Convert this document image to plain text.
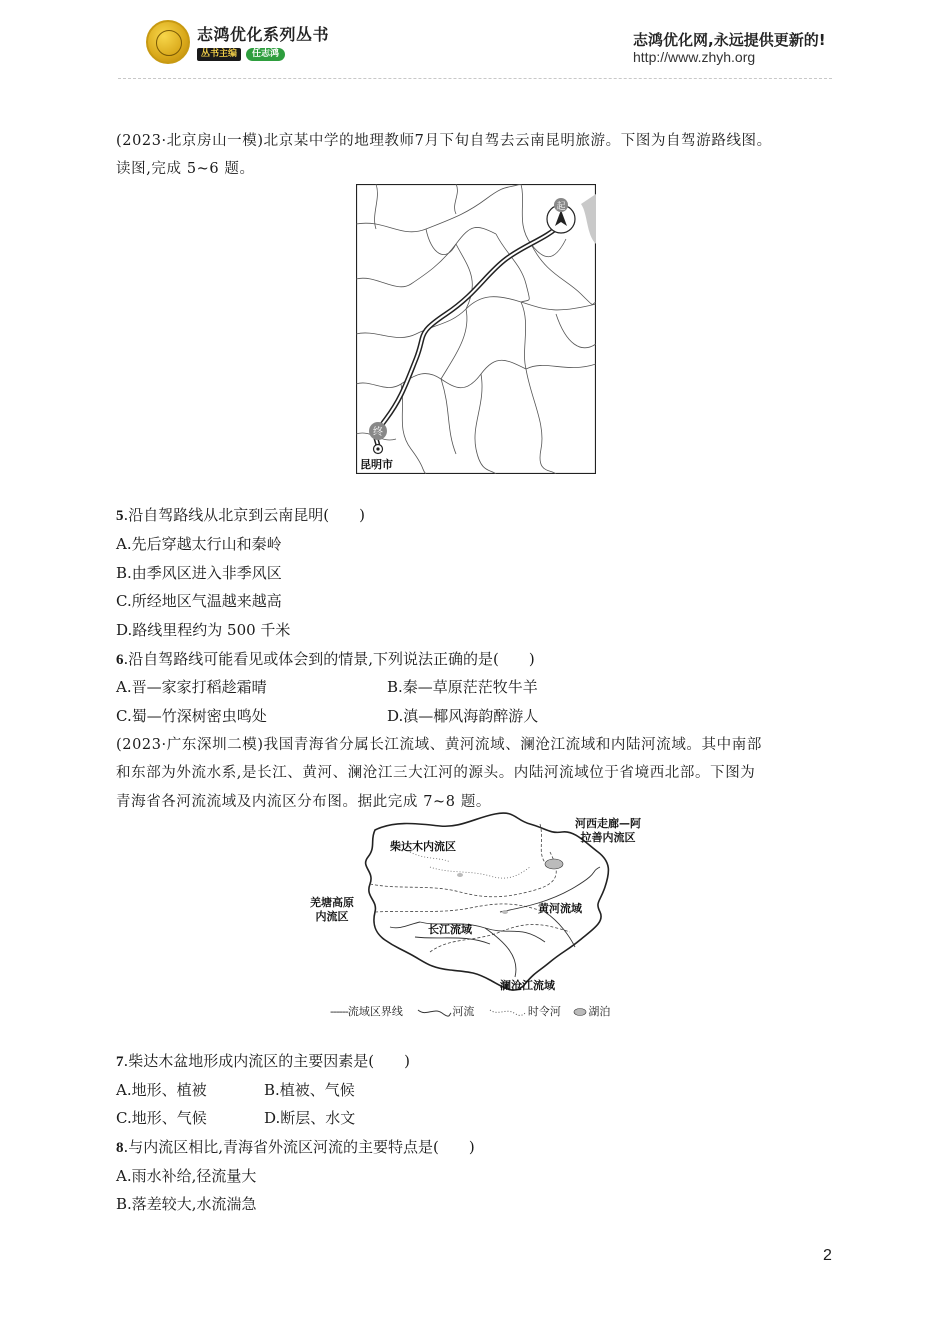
志鸿优化系列丛书
丛书主编	任志鸿
志鸿优化网,永远提供更新的!
http://www.zhyh.org
(2023·北京房山一模)北京某中学的地理教师7月下旬自驾去云南昆明旅游。下图为自驾游路线图。
读图,完成 5~6 题。
起
终
昆明市
5.沿自驾路线从北京到云南昆明( )
A.先后穿越太行山和秦岭
B.由季风区进入非季风区
C.所经地区气温越来越高
D.路线里程约为 500 千米
6.沿自驾路线可能看见或体会到的情景,下列说法正确的是( )
A.晋—家家打稻趁霜晴	B.秦—草原茫茫牧牛羊
C.蜀—竹深树密虫鸣处	D.滇—椰风海韵醉游人
(2023·广东深圳二模)我国青海省分属长江流域、黄河流域、澜沧江流域和内陆河流域。其中南部
和东部为外流水系,是长江、黄河、澜沧江三大江河的源头。内陆河流域位于省境西北部。下图为
青海省各河流流域及内流区分布图。据此完成 7~8 题。
河西走廊—阿
拉善内流区
柴达木内流区
羌塘高原
内流区
黄河流域
长江流域
澜沧江流域
------流域区界线	河流	时令河	湖泊
7.柴达木盆地形成内流区的主要因素是( )
A.地形、植被	B.植被、气候
C.地形、气候	D.断层、水文
8.与内流区相比,青海省外流区河流的主要特点是( )
A.雨水补给,径流量大
B.落差较大,水流湍急
2
